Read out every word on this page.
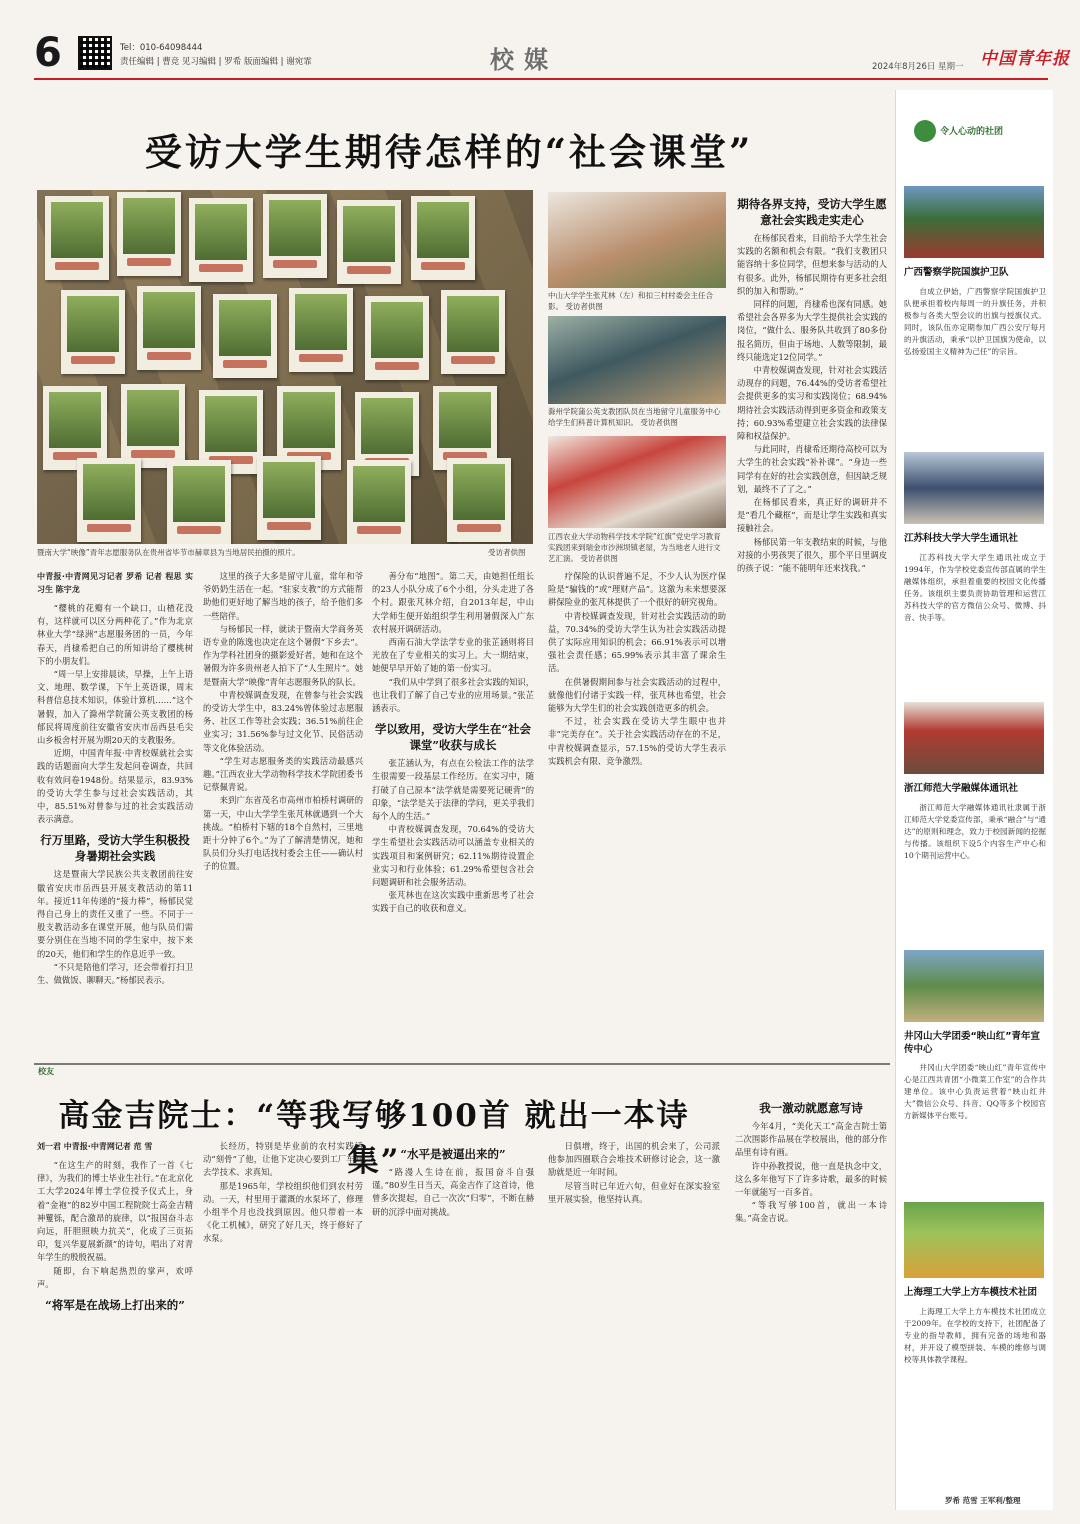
6	Tel：010-64098444
责任编辑 | 曹竞 见习编辑 | 罗希 版面编辑 | 谢宛霏	校媒	2024年8月26日 星期一 中国青年报
受访大学生期待怎样的“社会课堂”
暨南大学“映像”青年志愿服务队在贵州省毕节市赫章县为当地居民拍摄的照片。	受访者供图
中山大学学生张芃林（左）和扣三村村委会主任合影。 受访者供图
滁州学院蒲公英支教团队员在当地留守儿童服务中心给学生们科普计算机知识。 受访者供图
江西农业大学动物科学技术学院“红旗”党史学习教育实践团来到瑞金市沙洲坝镇老屋，为当地老人进行文艺汇演。 受访者供图
中青报·中青网见习记者 罗希 记者 程思 实习生 陈宇龙

“樱桃的花瓣有一个缺口，山楂花没有，这样就可以区分两种花了。”作为北京林业大学“绿洲”志愿服务团的一员，今年春天，肖棣希把自己的所知讲给了樱桃树下的小朋友们。

“周一早上安排晨读，早操，上午上语文、地理、数学课，下午上英语课，周末科普信息技术知识，体验计算机……”这个暑假，加入了滁州学院蒲公英支教团的杨郁民将周度前往安徽省安庆市岳西县毛尖山乡板舍村开展为期20天的支教服务。

近期，中国青年报·中青校媒就社会实践的话题面向大学生发起问卷调查，共回收有效问卷1948份。结果显示，83.93%的受访大学生参与过社会实践活动，其中，85.51%对曾参与过的社会实践活动表示满意。

行万里路，受访大学生积极投身暑期社会实践

这是暨南大学民族公共支教团前往安徽省安庆市岳西县开展支教活动的第11年。接近11年传递的“接力棒”，杨郁民觉得自己身上的责任又重了一些。不同于一般支教活动多在课堂开展，他与队员们需要分别住在当地不同的学生家中，按下来的20天，他们和学生的作息近乎一致。

“不只是陪他们学习，还会带着打扫卫生、做做饭、聊聊天。”杨郁民表示。

这里的孩子大多是留守儿童，常年和爷爷奶奶生活在一起。“驻家支教”的方式能帮助他们更好地了解当地的孩子，给予他们多一些陪伴。

与杨郁民一样，就读于暨南大学商务英语专业的陈逸也决定在这个暑假“下乡去”。作为学科社团身的摄影爱好者，她和在这个暑假为许多贵州老人拍下了“人生照片”。她是暨南大学“映像”青年志愿服务队的队长。

中青校媒调查发现，在曾参与社会实践的受访大学生中，83.24%曾体验过志愿服务、社区工作等社会实践；36.51%前往企业实习；31.56%参与过文化节、民俗活动等文化体验活动。

“学生对志愿服务类的实践活动最感兴趣。”江西农业大学动物科学技术学院团委书记蔡佩青说。

来到广东省茂名市高州市柏桥村调研的第一天，中山大学学生张芃林就遇到一个大挑战。“柏桥村下辖的18个自然村，三里地距十分钟了6个。”为了了解清楚情况，她和队员们分头打电话找村委会主任——确认村子的位置。

善分布“地图”。第二天，由她担任组长的23人小队分成了6个小组，分头走进了各个村。跟张芃林介绍，自2013年起，中山大学师生便开始组织学生利用暑假深入广东农村展开调研活动。

西南石油大学法学专业的张芷涵则将目光放在了专业相关的实习上。大一期结束，她便早早开始了她的第一份实习。

“我们从中学到了很多社会实践的知识，也让我们了解了自己专业的应用场景。”张芷涵表示。

学以致用，受访大学生在“社会课堂”收获与成长

张芷涵认为，有点在公检法工作的法学生很需要一段基层工作经历。在实习中，随打破了自己原本“法学就是需要死记硬背”的印象，“法学是关于法律的学问，更关乎我们每个人的生活。”

中青校媒调查发现，70.64%的受访大学生希望社会实践活动可以涵盖专业相关的实践项目和案例研究；62.11%期待设置企业实习和行业体验；61.29%希望包含社会问题调研和社会服务活动。

张芃林也在这次实践中重新思考了社会实践于自己的收获和意义。

疗保险的认识普遍不足，不少人认为医疗保险是“骗钱的”或“理财产品”。这激为未来想要深耕保险业的张芃林提供了一个很好的研究视角。

中青校媒调查发现，针对社会实践活动的助益，70.34%的受访大学生认为社会实践活动提供了实际应用知识的机会；66.91%表示可以增强社会责任感；65.99%表示其丰富了课余生活。

在供暑假期间参与社会实践活动的过程中，就像他们付诸于实践一样，张芃林也希望，社会能够为大学生们的社会实践创造更多的机会。

不过，社会实践在受访大学生眼中也并非“完美存在”。关于社会实践活动存在的不足，中青校媒调查显示，57.15%的受访大学生表示实践机会有限、竞争激烈。

期待各界支持，受访大学生愿意社会实践走实走心

在杨郁民看来，目前给予大学生社会实践的名额和机会有限。“我们支教团只能容纳十多位同学，但想来参与活动的人有很多。此外，杨郁民期待有更多社会组织的加入和帮助。”

同样的问题，肖棣希也深有同感。她希望社会各界多为大学生提供社会实践的岗位，“做什么、服务队共收到了80多份报名简历，但由于场地、人数等限制，最终只能选定12位同学。”

中青校媒调查发现，针对社会实践活动现存的问题，76.44%的受访者希望社会提供更多的实习和实践岗位；68.94%期待社会实践活动得到更多资金和政策支持；60.93%希望建立社会实践的法律保障和权益保护。

与此同时，肖棣希还期待高校可以为大学生的社会实践“补补课”。“身边一些同学有在好的社会实践创意，但因缺乏规划，最终不了了之。”

在杨郁民看来，真正好的调研并不是“看几个藏框”，而是让学生实践和真实接触社会。

杨郁民第一年支教结束的时候，与他对接的小男孩哭了很久，那个平日里调皮的孩子说：“能不能明年还来找我。”

校友
高金吉院士：“等我写够100首 就出一本诗集”
刘一君 中青报·中青网记者 范 雪

“在这生产的时刻，我作了一首《七律》，为我们的博士毕业生社行。”在北京化工大学2024年博士学位授予仪式上，身着“金袍”的82岁中国工程院院士高金吉精神矍铄，配合激昂的旋律，以“报国奋斗志向远，肝胆照映力抗关”，化成了三页拓印，复兴华夏展新颜”的诗句，唱出了对青年学生的殷殷祝福。

随即，台下响起热烈的掌声，欢呼声。

“将军是在战场上打出来的”

长经历，特别是毕业前的农村实践活动“刻骨”了他，让他下定决心要到工厂车间去学技术、求真知。

那是1965年，学校组织他们到农村劳动。一天，村里用于灌溉的水泵坏了，修理小组半个月也没找到原因。他只带着一本《化工机械》，研究了好几天，终于修好了水泵。

“水平是被逼出来的”

“路漫人生诗在前，报国奋斗自强谨。”80岁生日当天，高金吉作了这首诗，他曾多次提起，自己一次次“归零”，不断在赫研的沉浮中面对挑战。

日俱增，终于，出国的机会来了，公司派他参加四圈联合会堆技术研修讨论会，这一激励就是近一年时间。

尽管当时已年近六旬，但业好在深实验室里开展实验，他坚持认真。

我一激动就愿意写诗

今年4月，“美化天工”高金吉院士第二次围影作品展在学校展出，他的部分作品里有诗有画。

许中孙教授说，他一直是执念中文，这么多年他写下了许多诗歌，最多的时候一年就能写一百多首。

“等我写够100首，就出一本诗集。”高金吉说。

令人心动的社团
广西警察学院国旗护卫队
自成立伊始，广西警察学院国旗护卫队便承担着校内每周一的升旗任务，并积极参与各类大型会议的出旗与授旗仪式。同时，该队伍亦定期参加广西公安厅每月的升旗活动，秉承“以护卫国旗为使命，以弘扬爱国主义精神为己任”的宗旨。
江苏科技大学大学生通讯社
江苏科技大学大学生通讯社成立于1994年，作为学校党委宣传部直属的学生融媒体组织，承担着重要的校园文化传播任务。该组织主要负责协助管理和运营江苏科技大学的官方微信公众号、微博、抖音、快手等。
浙江师范大学融媒体通讯社
浙江师范大学融媒体通讯社隶属于浙江师范大学党委宣传部，秉承“融合”与“通达”的原则和理念，致力于校园新闻的挖掘与传播。该组织下设5个内容生产中心和10个期刊运营中心。
井冈山大学团委“映山红”青年宣传中心
井冈山大学团委“映山红”青年宣传中心是江西共青团“小微菜工作室”的合作共建单位。该中心负责运营着“映山红井大”微信公众号、抖音、QQ等多个校园官方新媒体平台账号。
上海理工大学上方车模技术社团
上海理工大学上方车模技术社团成立于2009年。在学校的支持下，社团配备了专业的指导教师，拥有完备的场地和器材，并开设了模型拼装、车模的维修与调校等具体教学课程。
罗希 范雪 王军利/整理
